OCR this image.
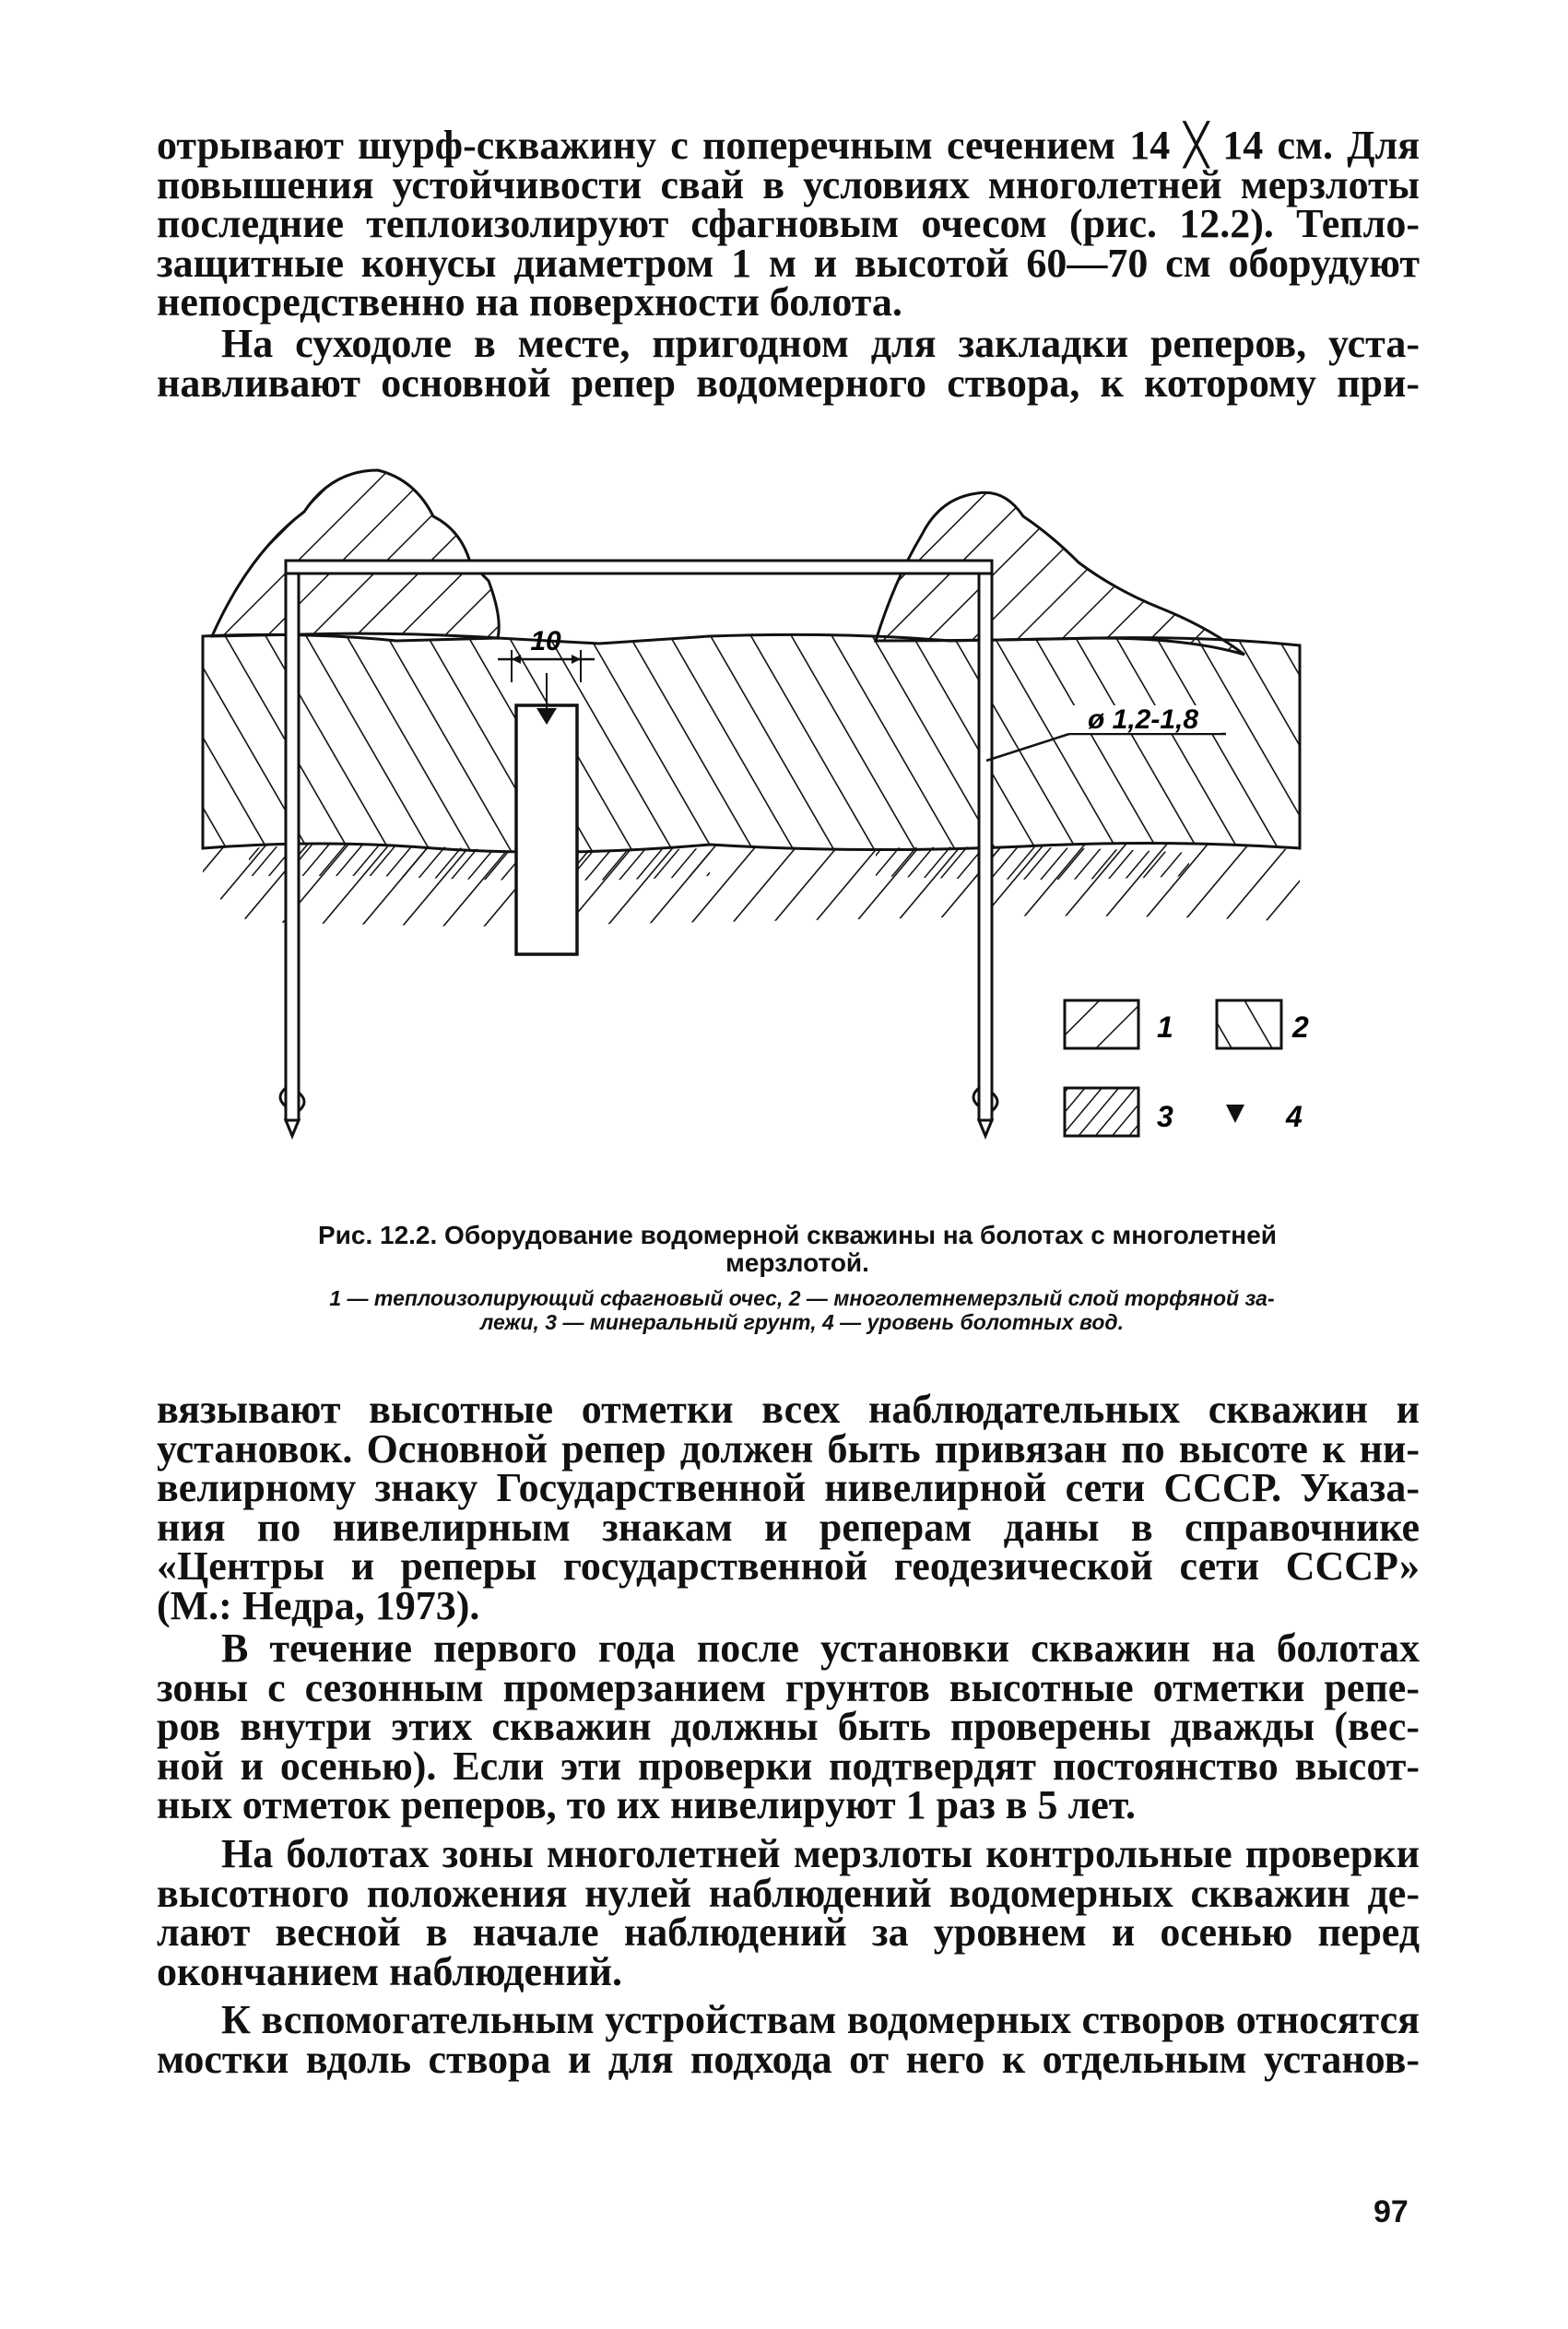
отрывают шурф-скважину с поперечным сечением 14 ╳ 14 см. Для
повышения устойчивости свай в условиях многолетней мерзлоты
последние теплоизолируют сфагновым очесом (рис. 12.2). Тепло-
защитные конусы диаметром 1 м и высотой 60—70 см оборудуют
непосредственно на поверхности болота.
На суходоле в месте, пригодном для закладки реперов, уста-
навливают основной репер водомерного створа, к которому при-
10
ø 1,2-1,8
1	2
3	4
Рис. 12.2. Оборудование водомерной скважины на болотах с многолетней
мерзлотой.
1 — теплоизолирующий сфагновый очес, 2 — многолетнемерзлый слой торфяной за-
лежи, 3 — минеральный грунт, 4 — уровень болотных вод.
вязывают высотные отметки всех наблюдательных скважин и
установок. Основной репер должен быть привязан по высоте к ни-
велирному знаку Государственной нивелирной сети СССР. Указа-
ния по нивелирным знакам и реперам даны в справочнике
«Центры и реперы государственной геодезической сети СССР»
(М.: Недра, 1973).
В течение первого года после установки скважин на болотах
зоны с сезонным промерзанием грунтов высотные отметки репе-
ров внутри этих скважин должны быть проверены дважды (вес-
ной и осенью). Если эти проверки подтвердят постоянство высот-
ных отметок реперов, то их нивелируют 1 раз в 5 лет.
На болотах зоны многолетней мерзлоты контрольные проверки
высотного положения нулей наблюдений водомерных скважин де-
лают весной в начале наблюдений за уровнем и осенью перед
окончанием наблюдений.
К вспомогательным устройствам водомерных створов относятся
мостки вдоль створа и для подхода от него к отдельным установ-
97
